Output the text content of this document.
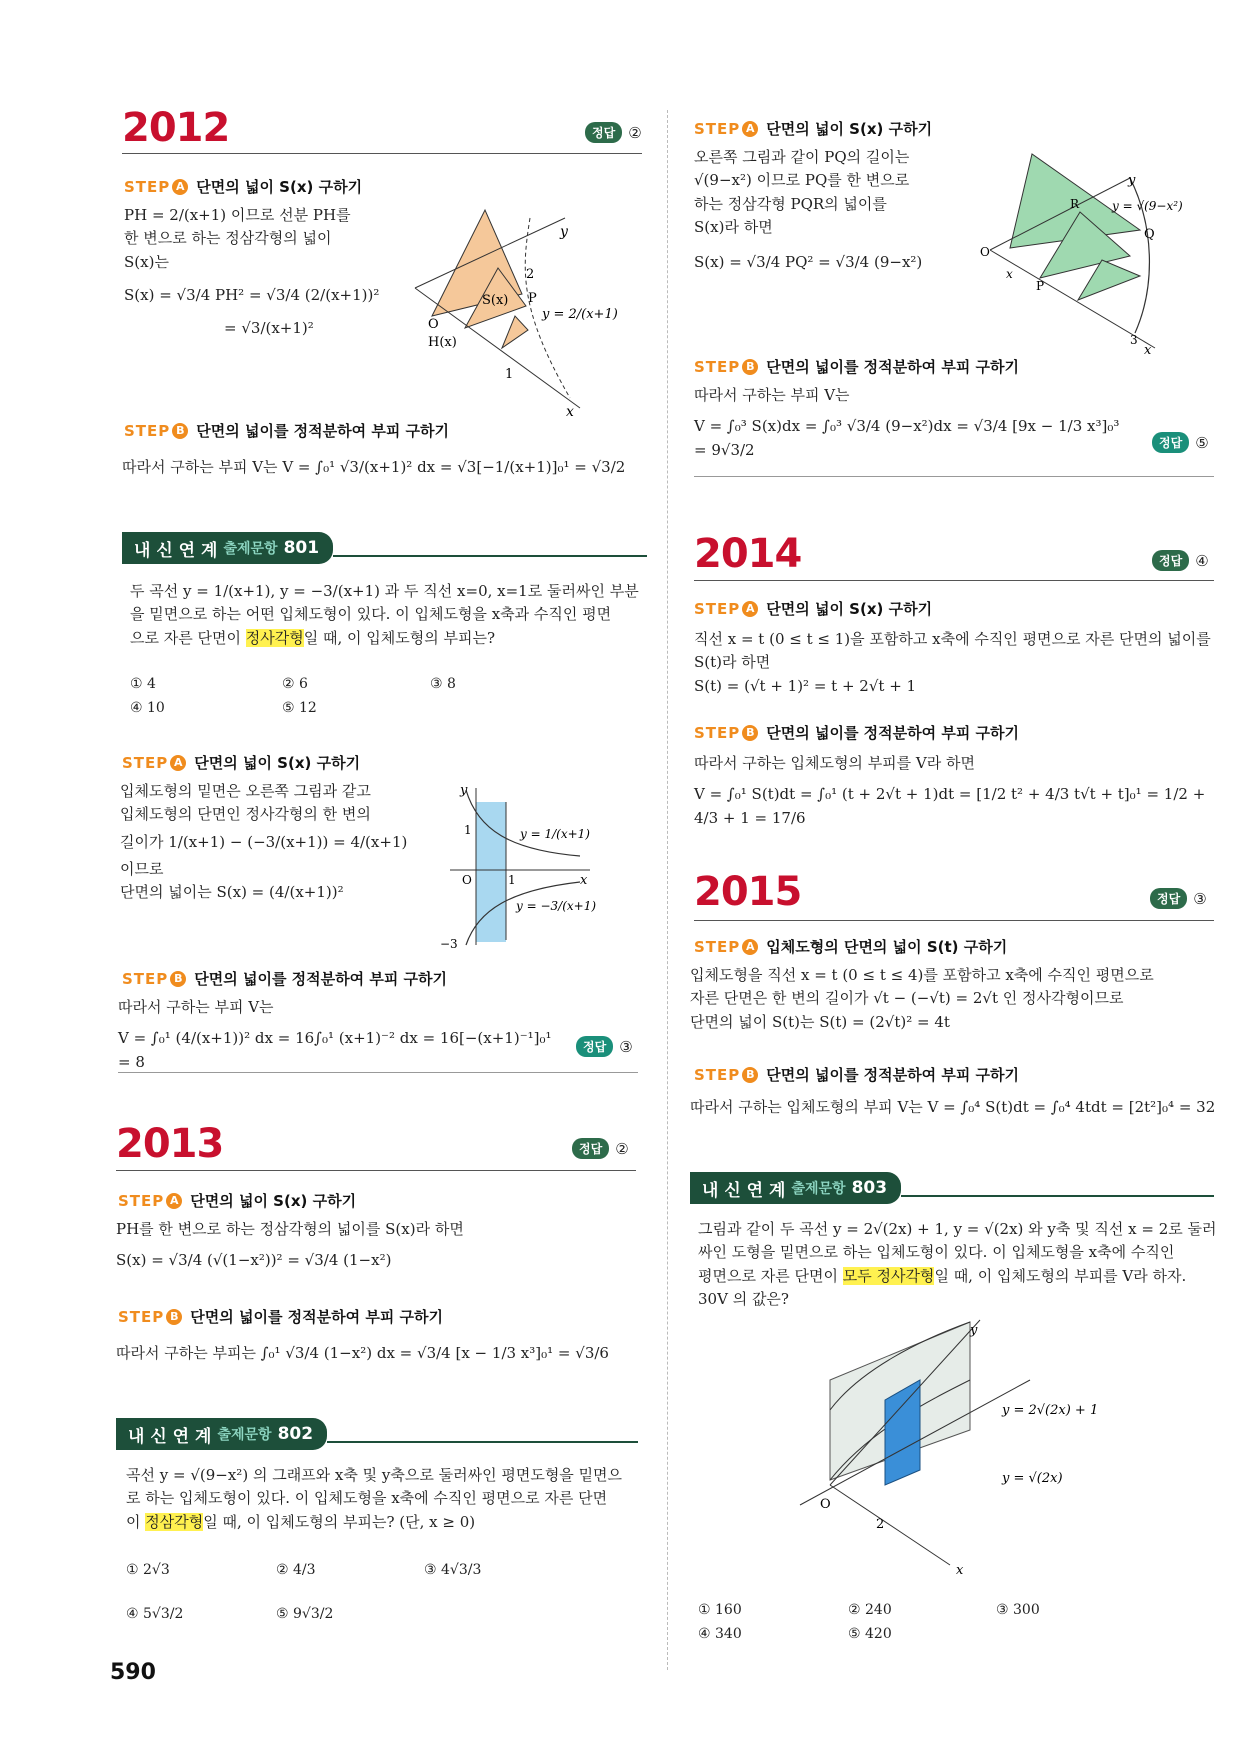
2012	정답 ②
STEP A 단면의 넓이 S(x) 구하기
PH = 2/(x+1) 이므로 선분 PH를
한 변으로 하는 정삼각형의 넓이
S(x)는
S(x) = √3/4 PH² = √3/4 (2/(x+1))²
= √3/(x+1)²
y
2
S(x) P
y = 2/(x+1)
O
H(x)
1
x
STEP B 단면의 넓이를 정적분하여 부피 구하기
따라서 구하는 부피 V는 V = ∫₀¹ √3/(x+1)² dx = √3[−1/(x+1)]₀¹ = √3/2
내 신 연 계 출제문항 801
두 곡선 y = 1/(x+1), y = −3/(x+1) 과 두 직선 x=0, x=1로 둘러싸인 부분
을 밑면으로 하는 어떤 입체도형이 있다. 이 입체도형을 x축과 수직인 평면
으로 자른 단면이 정사각형일 때, 이 입체도형의 부피는?
① 4	② 6	③ 8
④ 10	⑤ 12
STEP A 단면의 넓이 S(x) 구하기
입체도형의 밑면은 오른쪽 그림과 같고
입체도형의 단면인 정사각형의 한 변의
길이가 1/(x+1) − (−3/(x+1)) = 4/(x+1)
이므로
단면의 넓이는 S(x) = (4/(x+1))²
y
1
O	1	x
y = 1/(x+1)
y = −3/(x+1)
−3
STEP B 단면의 넓이를 정적분하여 부피 구하기
따라서 구하는 부피 V는
V = ∫₀¹ (4/(x+1))² dx = 16∫₀¹ (x+1)⁻² dx = 16[−(x+1)⁻¹]₀¹ = 8
정답 ③
2013	정답 ②
STEP A 단면의 넓이 S(x) 구하기
PH를 한 변으로 하는 정삼각형의 넓이를 S(x)라 하면
S(x) = √3/4 (√(1−x²))² = √3/4 (1−x²)
STEP B 단면의 넓이를 정적분하여 부피 구하기
따라서 구하는 부피는 ∫₀¹ √3/4 (1−x²) dx = √3/4 [x − 1/3 x³]₀¹ = √3/6
내 신 연 계 출제문항 802
곡선 y = √(9−x²) 의 그래프와 x축 및 y축으로 둘러싸인 평면도형을 밑면으
로 하는 입체도형이 있다. 이 입체도형을 x축에 수직인 평면으로 자른 단면
이 정삼각형일 때, 이 입체도형의 부피는? (단, x ≥ 0)
① 2√3	② 4/3	③ 4√3/3
④ 5√3/2	⑤ 9√3/2
STEP A 단면의 넓이 S(x) 구하기
오른쪽 그림과 같이 PQ의 길이는
√(9−x²) 이므로 PQ를 한 변으로
하는 정삼각형 PQR의 넓이를
S(x)라 하면
S(x) = √3/4 PQ² = √3/4 (9−x²)
y
y = √(9−x²)
R
Q
O
x
P
3
x
STEP B 단면의 넓이를 정적분하여 부피 구하기
따라서 구하는 부피 V는
V = ∫₀³ S(x)dx = ∫₀³ √3/4 (9−x²)dx = √3/4 [9x − 1/3 x³]₀³ = 9√3/2	정답 ⑤
2014	정답 ④
STEP A 단면의 넓이 S(x) 구하기
직선 x = t (0 ≤ t ≤ 1)을 포함하고 x축에 수직인 평면으로 자른 단면의 넓이를
S(t)라 하면
S(t) = (√t + 1)² = t + 2√t + 1
STEP B 단면의 넓이를 정적분하여 부피 구하기
따라서 구하는 입체도형의 부피를 V라 하면
V = ∫₀¹ S(t)dt = ∫₀¹ (t + 2√t + 1)dt = [1/2 t² + 4/3 t√t + t]₀¹ = 1/2 + 4/3 + 1 = 17/6
2015	정답 ③
STEP A 입체도형의 단면의 넓이 S(t) 구하기
입체도형을 직선 x = t (0 ≤ t ≤ 4)를 포함하고 x축에 수직인 평면으로
자른 단면은 한 변의 길이가 √t − (−√t) = 2√t 인 정사각형이므로
단면의 넓이 S(t)는 S(t) = (2√t)² = 4t
STEP B 단면의 넓이를 정적분하여 부피 구하기
따라서 구하는 입체도형의 부피 V는 V = ∫₀⁴ S(t)dt = ∫₀⁴ 4tdt = [2t²]₀⁴ = 32
내 신 연 계 출제문항 803
그림과 같이 두 곡선 y = 2√(2x) + 1, y = √(2x) 와 y축 및 직선 x = 2로 둘러
싸인 도형을 밑면으로 하는 입체도형이 있다. 이 입체도형을 x축에 수직인
평면으로 자른 단면이 모두 정사각형일 때, 이 입체도형의 부피를 V라 하자.
30V 의 값은?
y
y = 2√(2x) + 1
y = √(2x)
O
2
x
① 160	② 240	③ 300
④ 340	⑤ 420
590
